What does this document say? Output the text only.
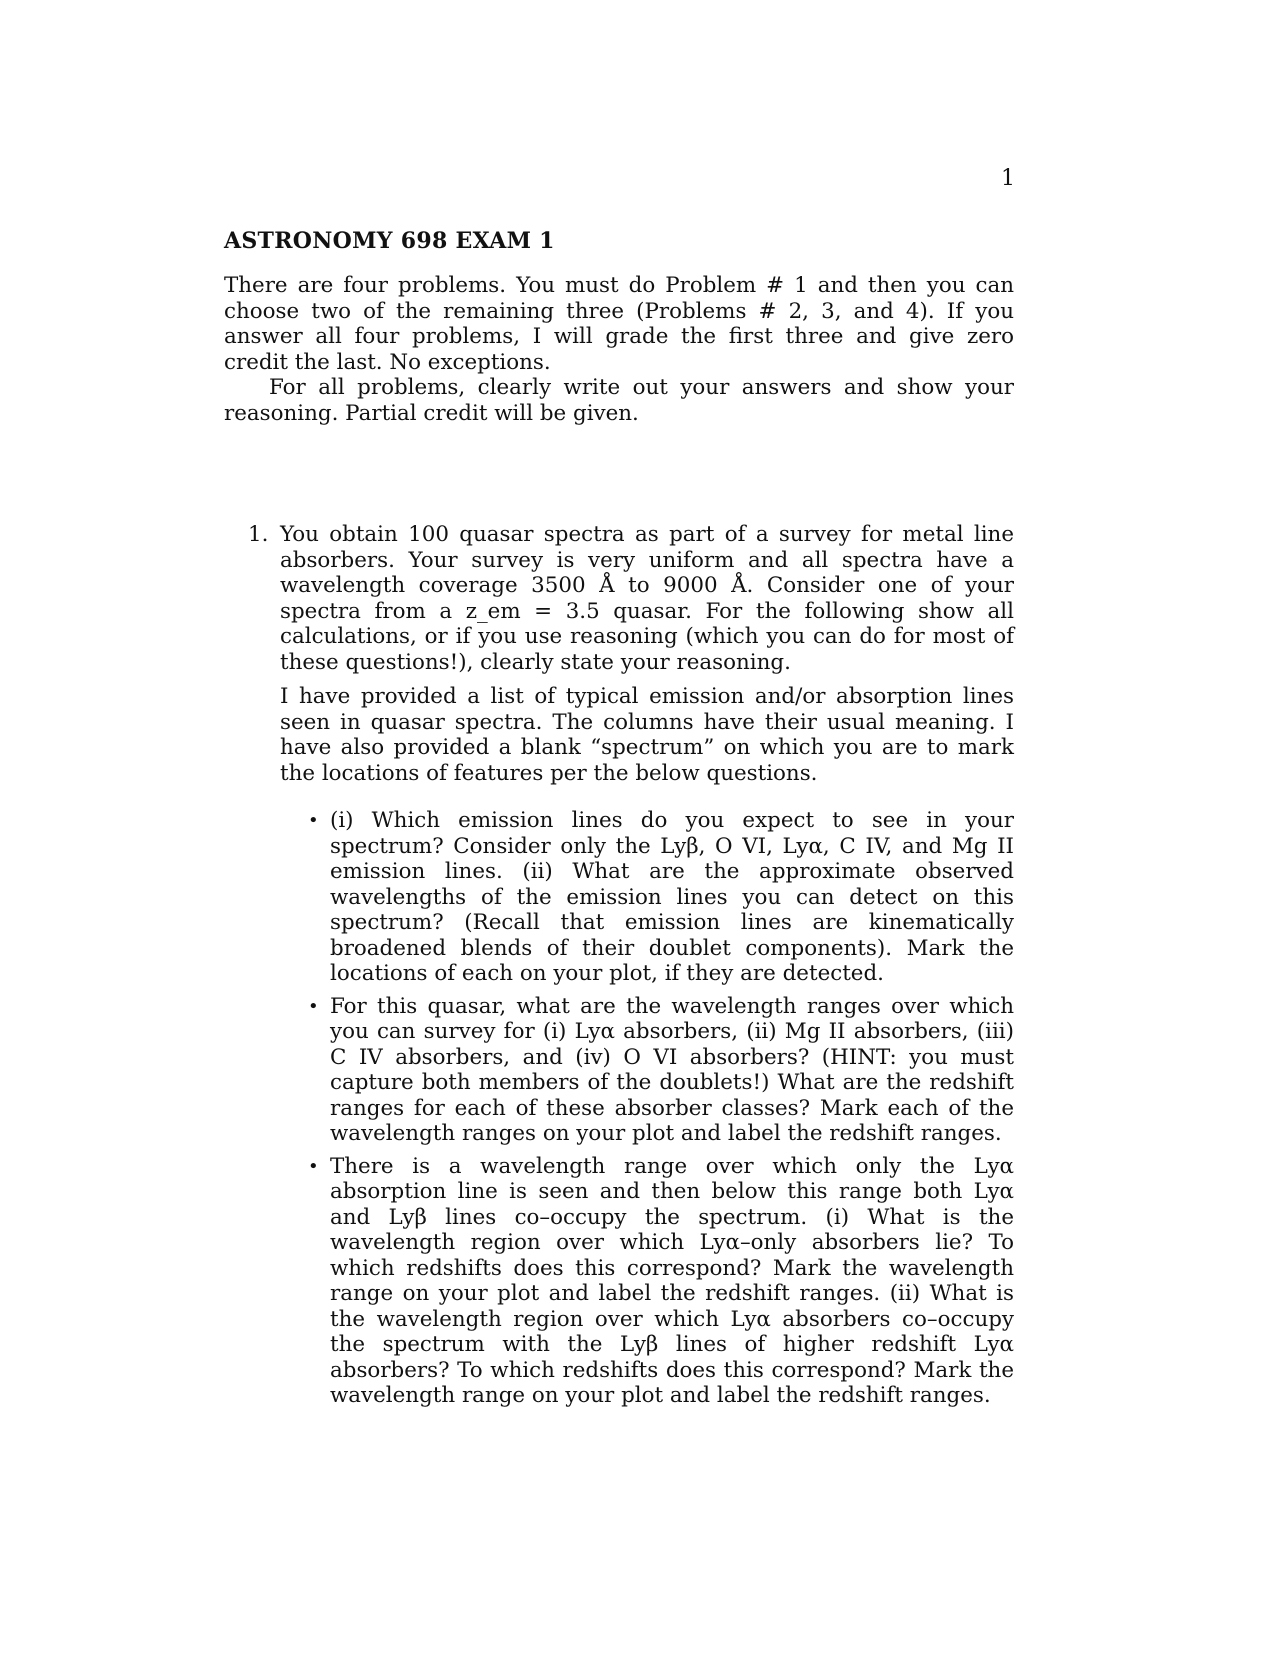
1
ASTRONOMY 698 EXAM 1

There are four problems. You must do Problem # 1 and then you can choose two of the remaining three (Problems # 2, 3, and 4). If you answer all four problems, I will grade the first three and give zero credit the last. No exceptions.

For all problems, clearly write out your answers and show your reasoning. Partial credit will be given.

1. You obtain 100 quasar spectra as part of a survey for metal line absorbers. Your survey is very uniform and all spectra have a wavelength coverage 3500 Å to 9000 Å. Consider one of your spectra from a z_em = 3.5 quasar. For the following show all calculations, or if you use reasoning (which you can do for most of these questions!), clearly state your reasoning.

I have provided a list of typical emission and/or absorption lines seen in quasar spectra. The columns have their usual meaning. I have also provided a blank “spectrum” on which you are to mark the locations of features per the below questions.

• (i) Which emission lines do you expect to see in your spectrum? Consider only the Lyβ, O VI, Lyα, C IV, and Mg II emission lines. (ii) What are the approximate observed wavelengths of the emission lines you can detect on this spectrum? (Recall that emission lines are kinematically broadened blends of their doublet components). Mark the locations of each on your plot, if they are detected.
• For this quasar, what are the wavelength ranges over which you can survey for (i) Lyα absorbers, (ii) Mg II absorbers, (iii) C IV absorbers, and (iv) O VI absorbers? (HINT: you must capture both members of the doublets!) What are the redshift ranges for each of these absorber classes? Mark each of the wavelength ranges on your plot and label the redshift ranges.
• There is a wavelength range over which only the Lyα absorption line is seen and then below this range both Lyα and Lyβ lines co–occupy the spectrum. (i) What is the wavelength region over which Lyα–only absorbers lie? To which redshifts does this correspond? Mark the wavelength range on your plot and label the redshift ranges. (ii) What is the wavelength region over which Lyα absorbers co–occupy the spectrum with the Lyβ lines of higher redshift Lyα absorbers? To which redshifts does this correspond? Mark the wavelength range on your plot and label the redshift ranges.
